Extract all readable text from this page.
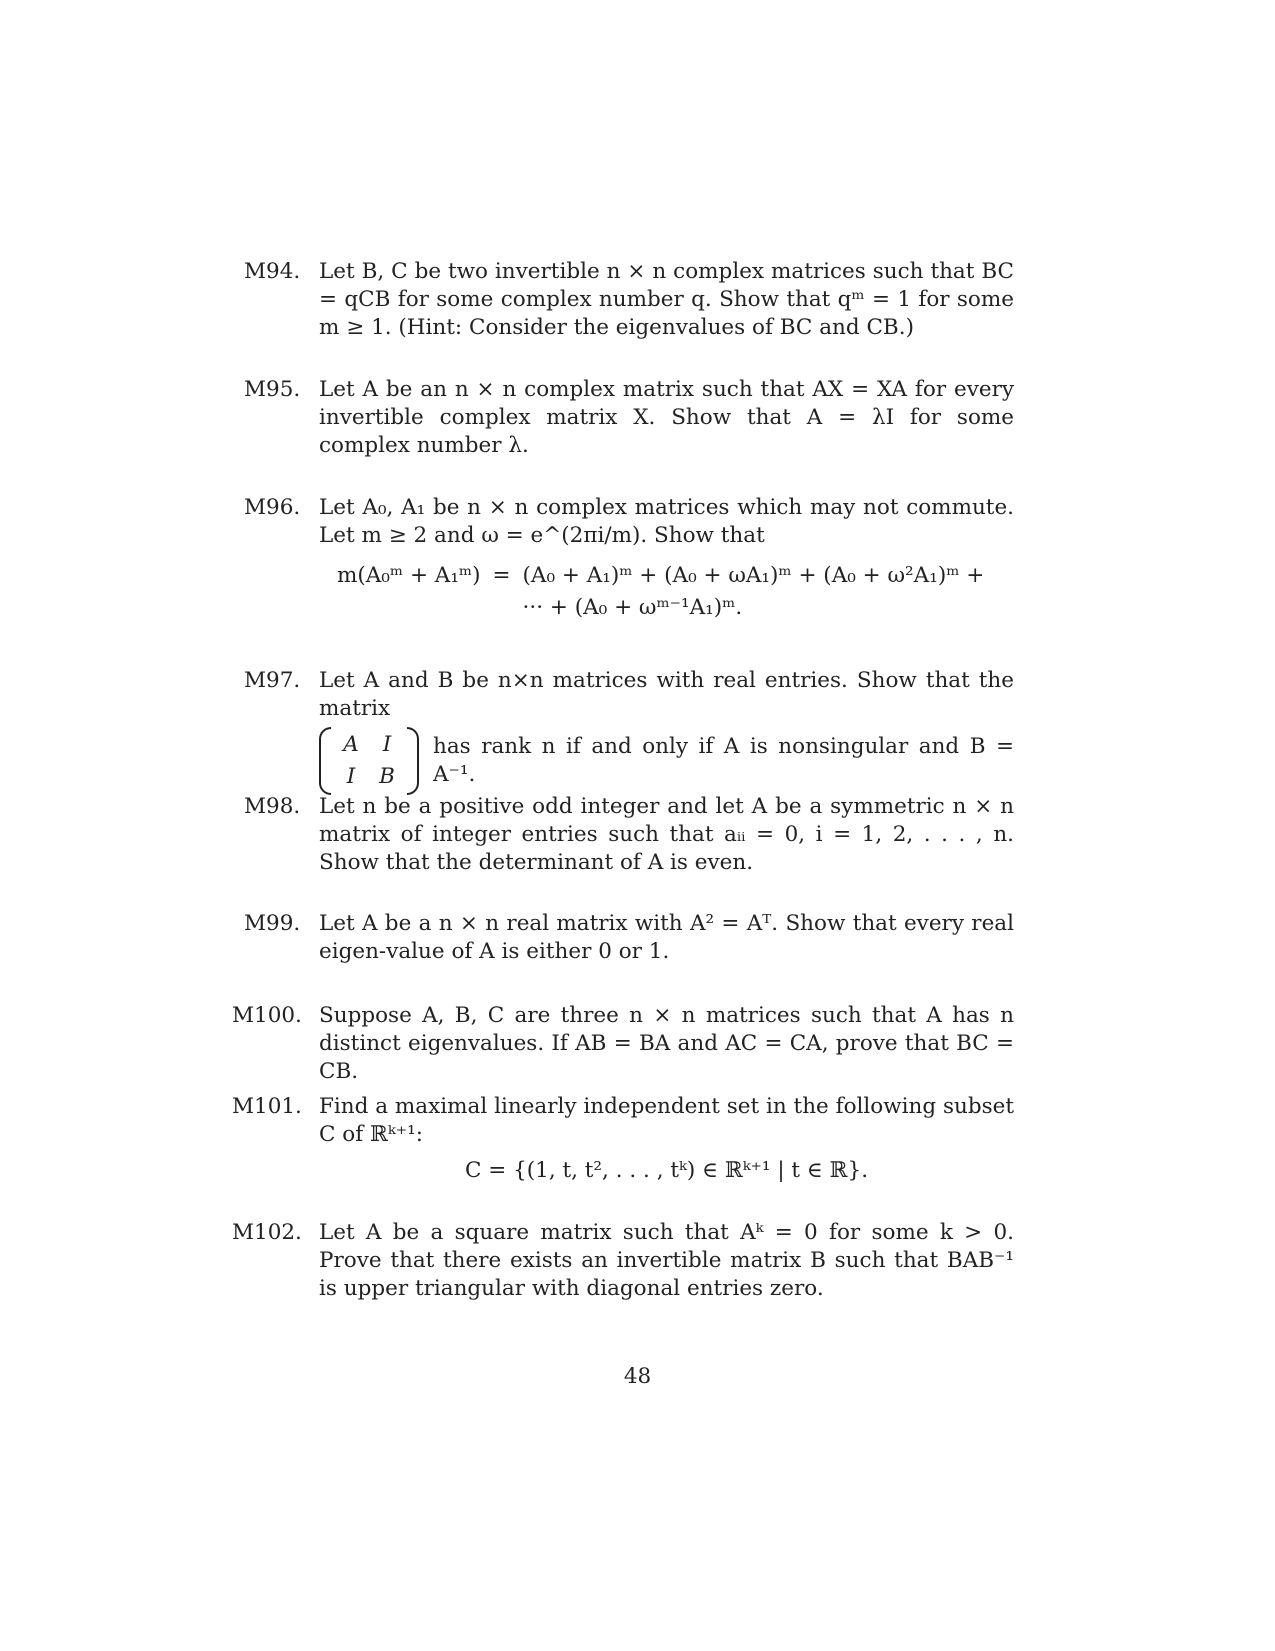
M94. Let B, C be two invertible n × n complex matrices such that BC = qCB for some complex number q. Show that qᵐ = 1 for some m ≥ 1. (Hint: Consider the eigenvalues of BC and CB.)

M95. Let A be an n × n complex matrix such that AX = XA for every invertible complex matrix X. Show that A = λI for some complex number λ.

M96. Let A₀, A₁ be n × n complex matrices which may not commute. Let m ≥ 2 and ω = e^(2πi/m). Show that

m(A₀ᵐ + A₁ᵐ)	=	(A₀ + A₁)ᵐ + (A₀ + ωA₁)ᵐ + (A₀ + ω²A₁)ᵐ +
		··· + (A₀ + ωᵐ⁻¹A₁)ᵐ.
M97. Let A and B be n×n matrices with real entries. Show that the matrix

A	I
I	B
has rank n if and only if A is nonsingular and B = A⁻¹.
M98. Let n be a positive odd integer and let A be a symmetric n × n matrix of integer entries such that aᵢᵢ = 0, i = 1, 2, . . . , n. Show that the determinant of A is even.

M99. Let A be a n × n real matrix with A² = Aᵀ. Show that every real eigen-value of A is either 0 or 1.

M100. Suppose A, B, C are three n × n matrices such that A has n distinct eigenvalues. If AB = BA and AC = CA, prove that BC = CB.

M101. Find a maximal linearly independent set in the following subset C of ℝᵏ⁺¹:

C = {(1, t, t², . . . , tᵏ) ∈ ℝᵏ⁺¹ | t ∈ ℝ}.
M102. Let A be a square matrix such that Aᵏ = 0 for some k > 0. Prove that there exists an invertible matrix B such that BAB⁻¹ is upper triangular with diagonal entries zero.

48
